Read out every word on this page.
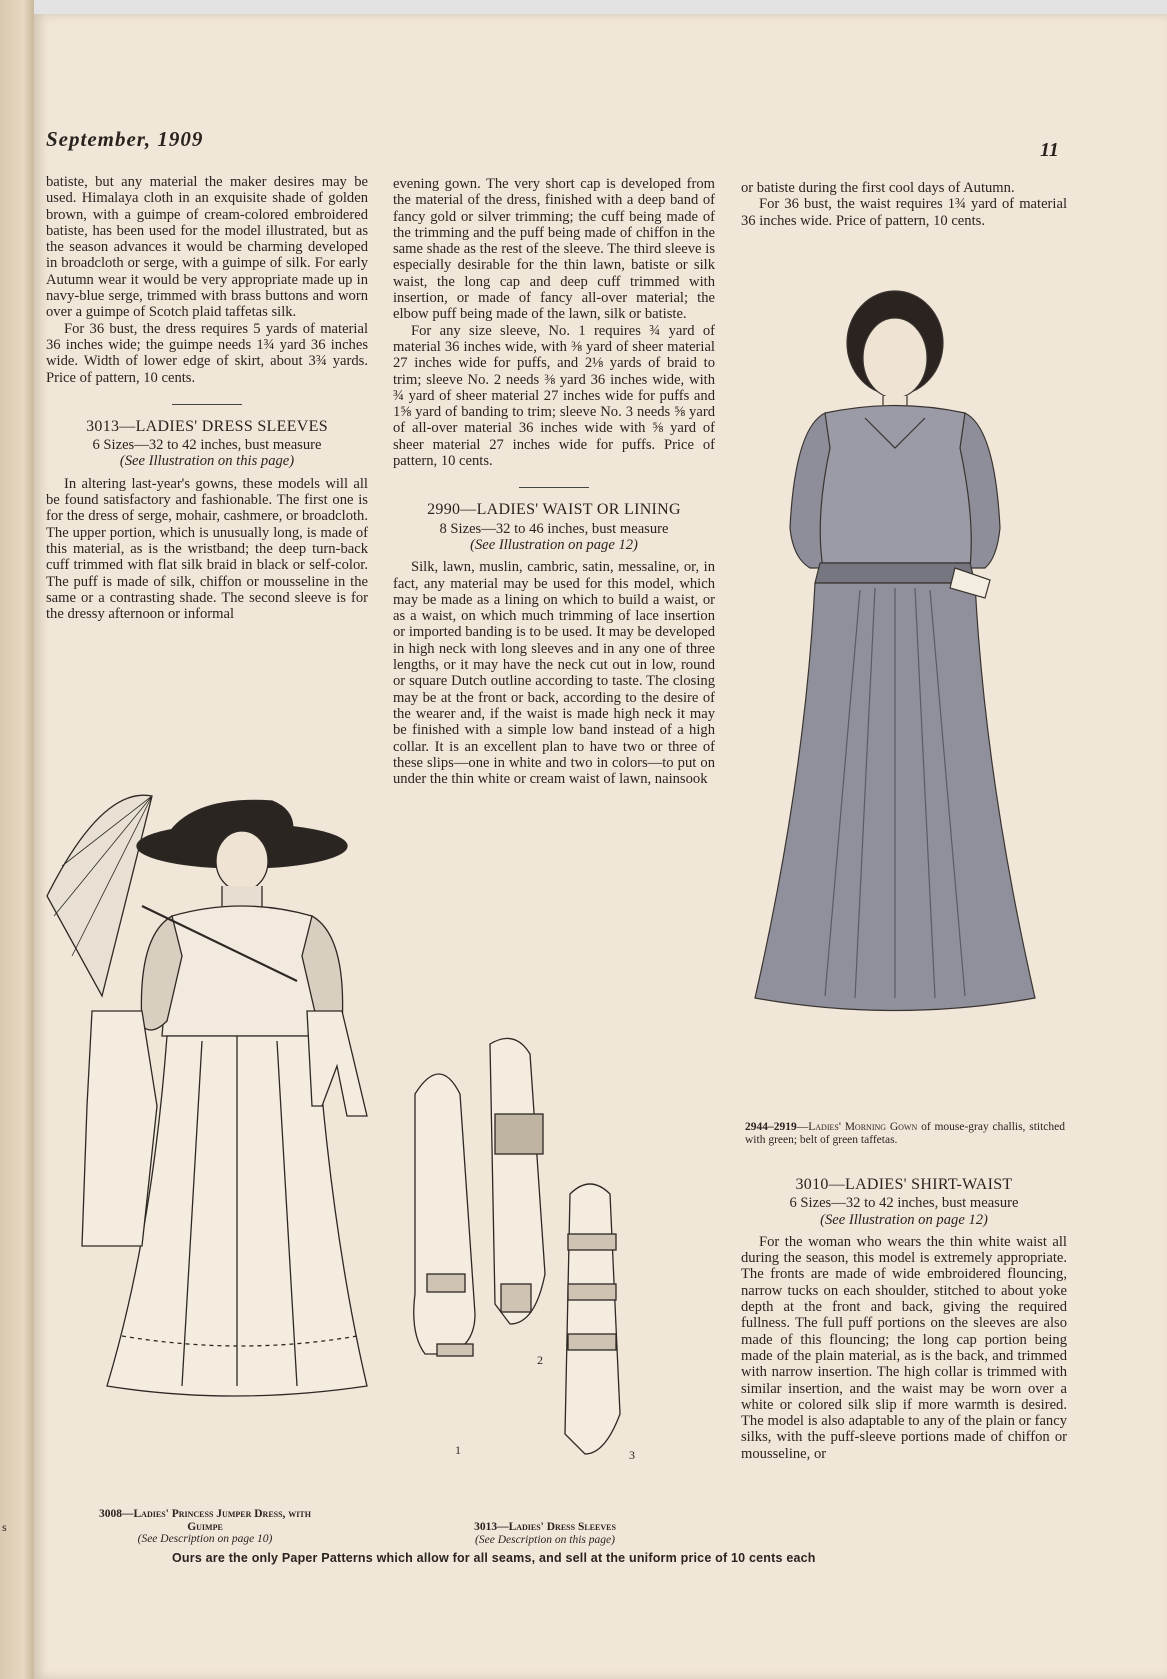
September, 1909	11

batiste, but any material the maker desires may be used. Himalaya cloth in an exquisite shade of golden brown, with a guimpe of cream-colored embroidered batiste, has been used for the model illustrated, but as the season advances it would be charming developed in broadcloth or serge, with a guimpe of silk. For early Autumn wear it would be very appropriate made up in navy-blue serge, trimmed with brass buttons and worn over a guimpe of Scotch plaid taffetas silk.

For 36 bust, the dress requires 5 yards of material 36 inches wide; the guimpe needs 1¾ yard 36 inches wide. Width of lower edge of skirt, about 3¾ yards. Price of pattern, 10 cents.

3013—LADIES' DRESS SLEEVES
6 Sizes—32 to 42 inches, bust measure
(See Illustration on this page)

In altering last-year's gowns, these models will all be found satisfactory and fashionable. The first one is for the dress of serge, mohair, cashmere, or broadcloth. The upper portion, which is unusually long, is made of this material, as is the wristband; the deep turn-back cuff trimmed with flat silk braid in black or self-color. The puff is made of silk, chiffon or mousseline in the same or a contrasting shade. The second sleeve is for the dressy afternoon or informal

evening gown. The very short cap is developed from the material of the dress, finished with a deep band of fancy gold or silver trimming; the cuff being made of the trimming and the puff being made of chiffon in the same shade as the rest of the sleeve. The third sleeve is especially desirable for the thin lawn, batiste or silk waist, the long cap and deep cuff trimmed with insertion, or made of fancy all-over material; the elbow puff being made of the lawn, silk or batiste.

For any size sleeve, No. 1 requires ¾ yard of material 36 inches wide, with ⅜ yard of sheer material 27 inches wide for puffs, and 2⅛ yards of braid to trim; sleeve No. 2 needs ⅜ yard 36 inches wide, with ¾ yard of sheer material 27 inches wide for puffs and 1⅝ yard of banding to trim; sleeve No. 3 needs ⅝ yard of all-over material 36 inches wide with ⅝ yard of sheer material 27 inches wide for puffs. Price of pattern, 10 cents.

2990—LADIES' WAIST OR LINING
8 Sizes—32 to 46 inches, bust measure
(See Illustration on page 12)

Silk, lawn, muslin, cambric, satin, messaline, or, in fact, any material may be used for this model, which may be made as a lining on which to build a waist, or as a waist, on which much trimming of lace insertion or imported banding is to be used. It may be developed in high neck with long sleeves and in any one of three lengths, or it may have the neck cut out in low, round or square Dutch outline according to taste. The closing may be at the front or back, according to the desire of the wearer and, if the waist is made high neck it may be finished with a simple low band instead of a high collar. It is an excellent plan to have two or three of these slips—one in white and two in colors—to put on under the thin white or cream waist of lawn, nainsook

or batiste during the first cool days of Autumn.

For 36 bust, the waist requires 1¾ yard of material 36 inches wide. Price of pattern, 10 cents.

2944–2919—Ladies' Morning Gown of mouse-gray challis, stitched with green; belt of green taffetas.
3010—LADIES' SHIRT-WAIST
6 Sizes—32 to 42 inches, bust measure
(See Illustration on page 12)

For the woman who wears the thin white waist all during the season, this model is extremely appropriate. The fronts are made of wide embroidered flouncing, narrow tucks on each shoulder, stitched to about yoke depth at the front and back, giving the required fullness. The full puff portions on the sleeves are also made of this flouncing; the long cap portion being made of the plain material, as is the back, and trimmed with narrow insertion. The high collar is trimmed with similar insertion, and the waist may be worn over a white or colored silk slip if more warmth is desired. The model is also adaptable to any of the plain or fancy silks, with the puff-sleeve portions made of chiffon or mousseline, or

1
2
3
3008—Ladies' Princess Jumper Dress, with
Guimpe
(See Description on page 10)
3013—Ladies' Dress Sleeves
(See Description on this page)
Ours are the only Paper Patterns which allow for all seams, and sell at the uniform price of 10 cents each
s
